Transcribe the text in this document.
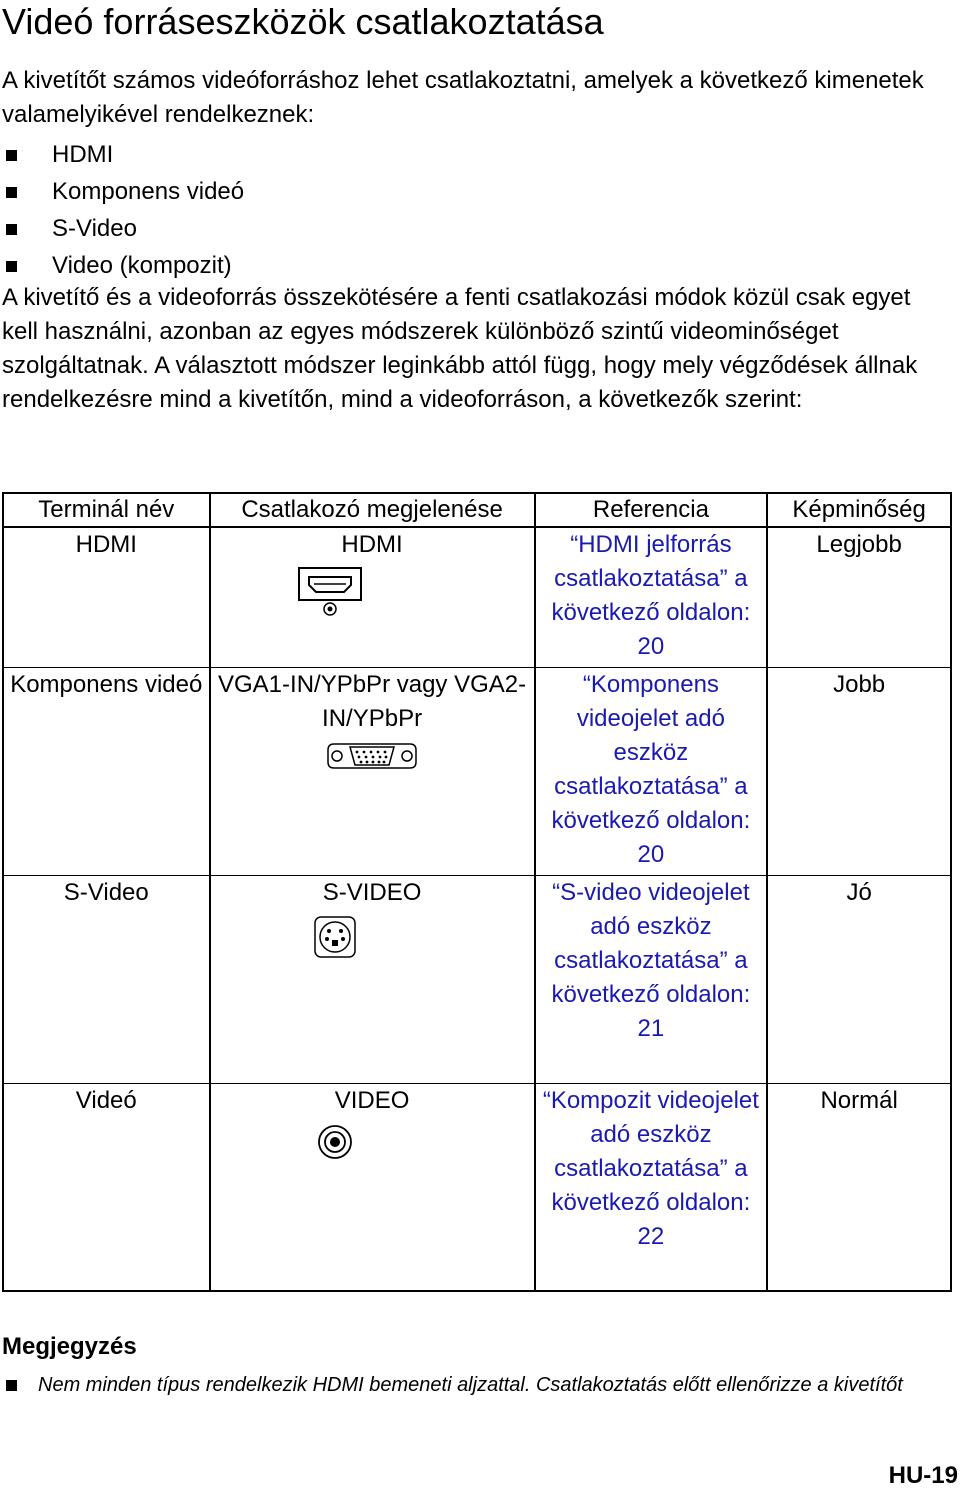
Videó forráseszközök csatlakoztatása

A kivetítőt számos videóforráshoz lehet csatlakoztatni, amelyek a következő kimenetek valamelyikével rendelkeznek:

HDMI
Komponens videó
S-Video
Video (kompozit)

A kivetítő és a videoforrás összekötésére a fenti csatlakozási módok közül csak egyet kell használni, azonban az egyes módszerek különböző szintű videominőséget szolgáltatnak. A választott módszer leginkább attól függ, hogy mely végződések állnak rendelkezésre mind a kivetítőn, mind a videoforráson, a következők szerint:

Terminál név	Csatlakozó megjelenése	Referencia	Képminőség
HDMI	HDMI	“HDMI jelforrás csatlakoztatása” a következő oldalon: 20	Legjobb
Komponens videó	VGA1-IN/YPbPr vagy VGA2-IN/YPbPr	“Komponens videojelet adó eszköz csatlakoztatása” a következő oldalon: 20	Jobb
S-Video	S-VIDEO	“S-video videojelet adó eszköz csatlakoztatása” a következő oldalon: 21	Jó
Videó	VIDEO	“Kompozit videojelet adó eszköz csatlakoztatása” a következő oldalon: 22	Normál
Megjegyzés
Nem minden típus rendelkezik HDMI bemeneti aljzattal. Csatlakoztatás előtt ellenőrizze a kivetítőt
HU-19
